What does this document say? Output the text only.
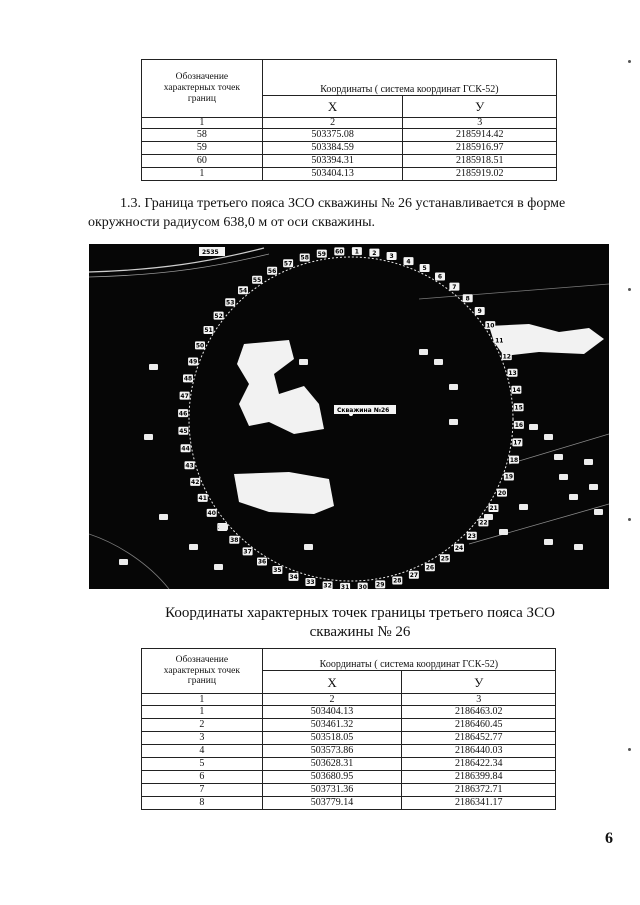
Обозначение
характерных точек
границ	Координаты ( система координат ГСК-52)	
	X	У
1	2	3
58	503375.08	2185914.42
59	503384.59	2185916.97
60	503394.31	2185918.51
1	503404.13	2185919.02

1.3. Граница третьего пояса ЗСО скважины № 26 устанавливается в форме
окружности радиусом 638,0 м от оси скважины.

Скважина №26
2535	1 2 3
4
5
6
7
8
9
10
11
12
13
14
15
16
17
18
19
20
21
22
23
24
25
26
27
28
29
30
31
32
33
34
35
36
37
38
40
41
42
43
44
45
46
47
48
49
50
51
52
53
54
55
56
57
58
59 60

Координаты характерных точек границы третьего пояса ЗСО

скважины № 26

Обозначение
характерных точек
границ	Координаты ( система координат ГСК-52)	
	X	У
1	2	3
1	503404.13	2186463.02
2	503461.32	2186460.45
3	503518.05	2186452.77
4	503573.86	2186440.03
5	503628.31	2186422.34
6	503680.95	2186399.84
7	503731.36	2186372.71
8	503779.14	2186341.17
6
